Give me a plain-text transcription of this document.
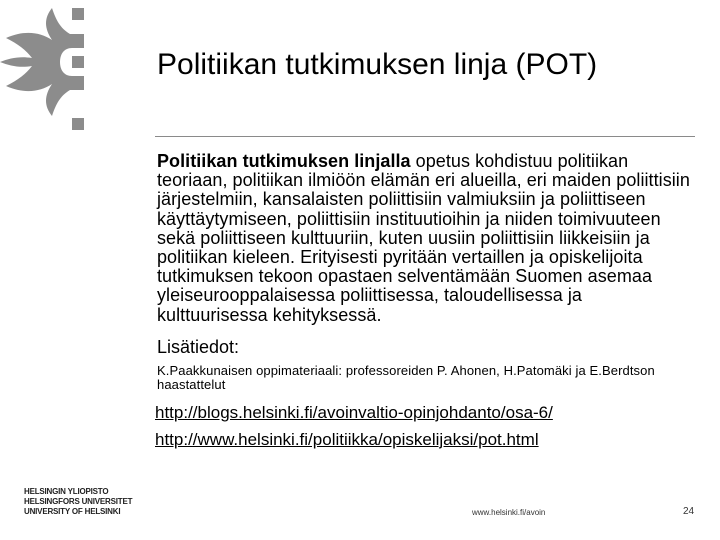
Politiikan tutkimuksen linja (POT)
Politiikan tutkimuksen linjalla opetus kohdistuu politiikan teoriaan, politiikan ilmiöön elämän eri alueilla, eri maiden poliittisiin järjestelmiin, kansalaisten poliittisiin valmiuksiin ja poliittiseen käyttäytymiseen, poliittisiin instituutioihin ja niiden toimivuuteen sekä poliittiseen kulttuuriin, kuten uusiin poliittisiin liikkeisiin ja politiikan kieleen. Erityisesti pyritään vertaillen ja opiskelijoita tutkimuksen tekoon opastaen selventämään Suomen asemaa yleiseurooppalaisessa poliittisessa, taloudellisessa ja kulttuurisessa kehityksessä.
Lisätiedot:
K.Paakkunaisen oppimateriaali: professoreiden P. Ahonen, H.Patomäki ja E.Berdtson haastattelut
http://blogs.helsinki.fi/avoinvaltio-opinjohdanto/osa-6/
http://www.helsinki.fi/politiikka/opiskelijaksi/pot.html
HELSINGIN YLIOPISTO
HELSINGFORS UNIVERSITET
UNIVERSITY OF HELSINKI	www.helsinki.fi/avoin	24
